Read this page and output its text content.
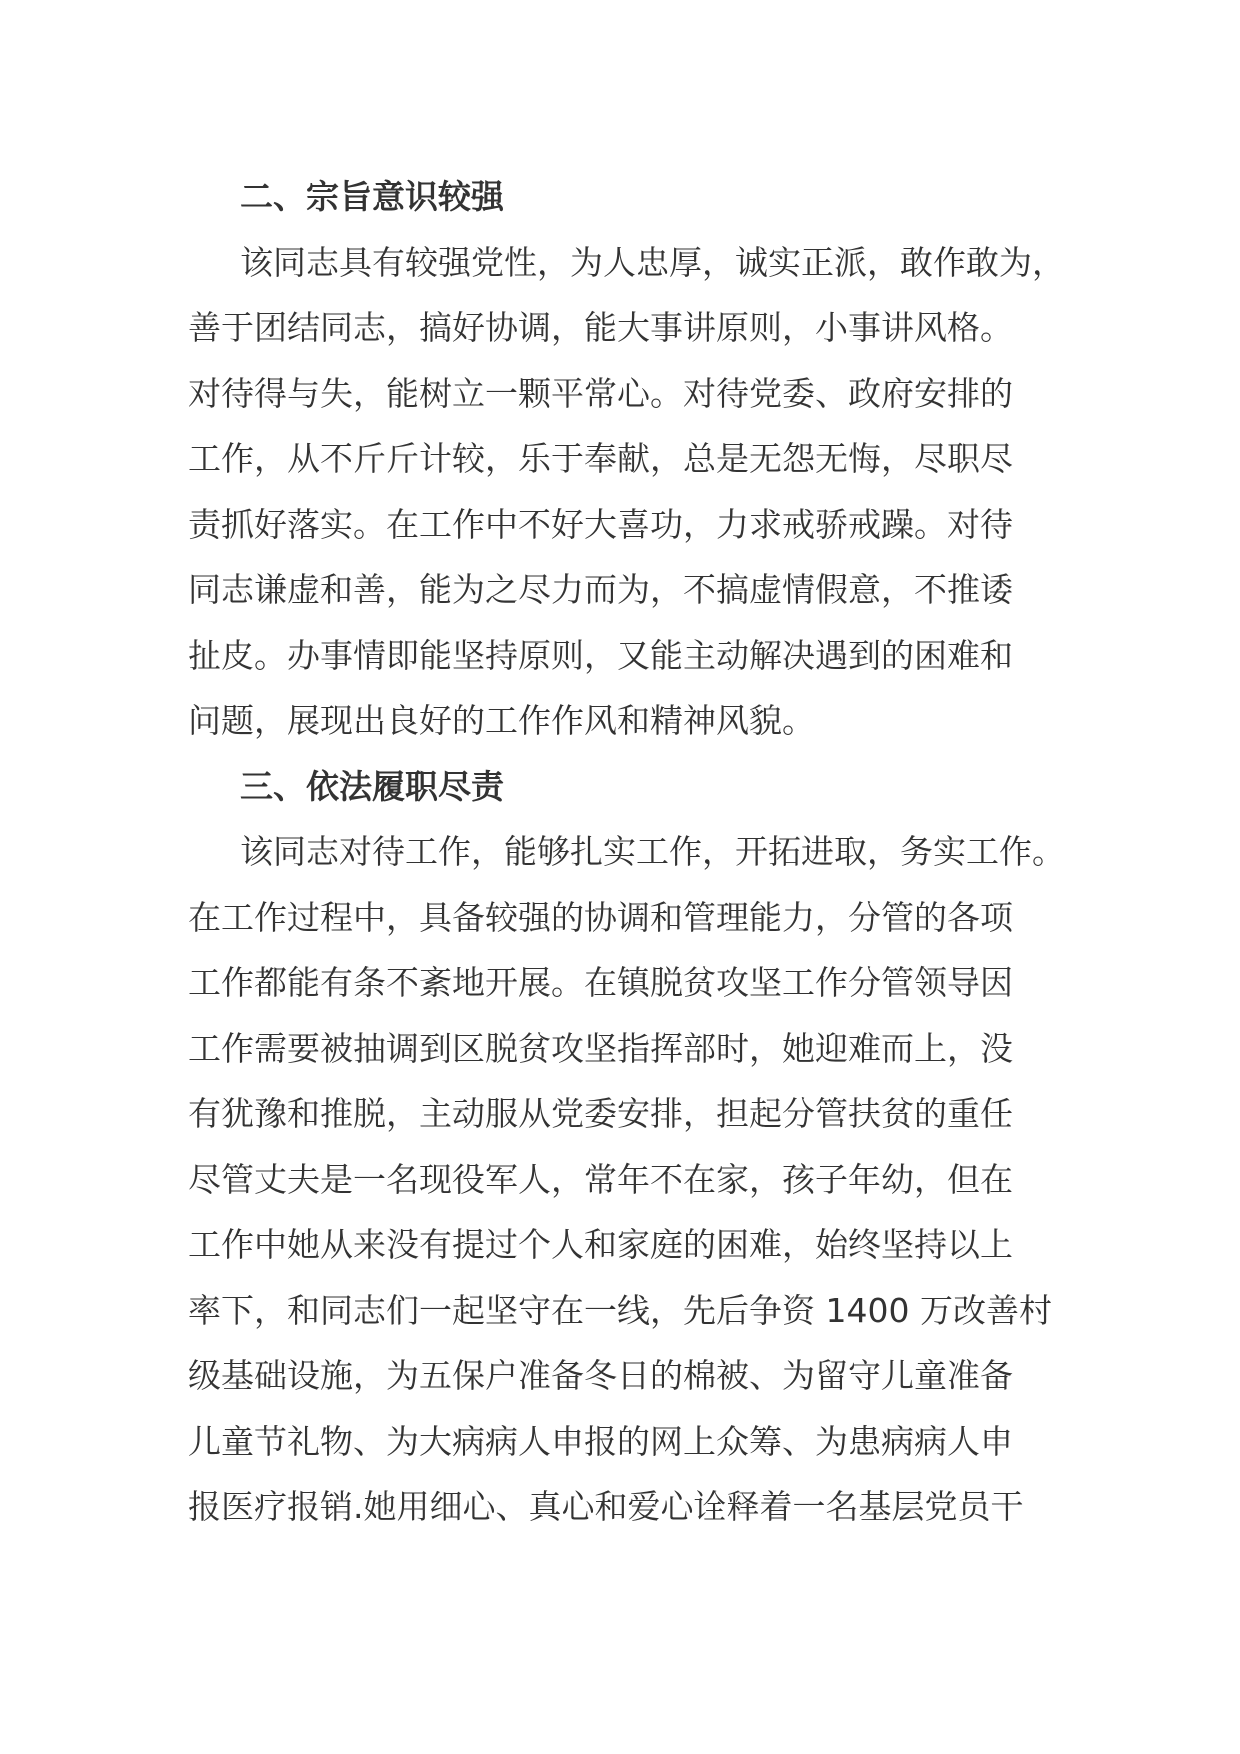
二、宗旨意识较强
该同志具有较强党性，为人忠厚，诚实正派，敢作敢为，
善于团结同志，搞好协调，能大事讲原则，小事讲风格。
对待得与失，能树立一颗平常心。对待党委、政府安排的
工作，从不斤斤计较，乐于奉献，总是无怨无悔，尽职尽
责抓好落实。在工作中不好大喜功，力求戒骄戒躁。对待
同志谦虚和善，能为之尽力而为，不搞虚情假意，不推诿
扯皮。办事情即能坚持原则，又能主动解决遇到的困难和
问题，展现出良好的工作作风和精神风貌。
三、依法履职尽责
该同志对待工作，能够扎实工作，开拓进取，务实工作。
在工作过程中，具备较强的协调和管理能力，分管的各项
工作都能有条不紊地开展。在镇脱贫攻坚工作分管领导因
工作需要被抽调到区脱贫攻坚指挥部时，她迎难而上，没
有犹豫和推脱，主动服从党委安排，担起分管扶贫的重任
尽管丈夫是一名现役军人，常年不在家，孩子年幼，但在
工作中她从来没有提过个人和家庭的困难，始终坚持以上
率下，和同志们一起坚守在一线，先后争资 1400 万改善村
级基础设施，为五保户准备冬日的棉被、为留守儿童准备
儿童节礼物、为大病病人申报的网上众筹、为患病病人申
报医疗报销.她用细心、真心和爱心诠释着一名基层党员干
